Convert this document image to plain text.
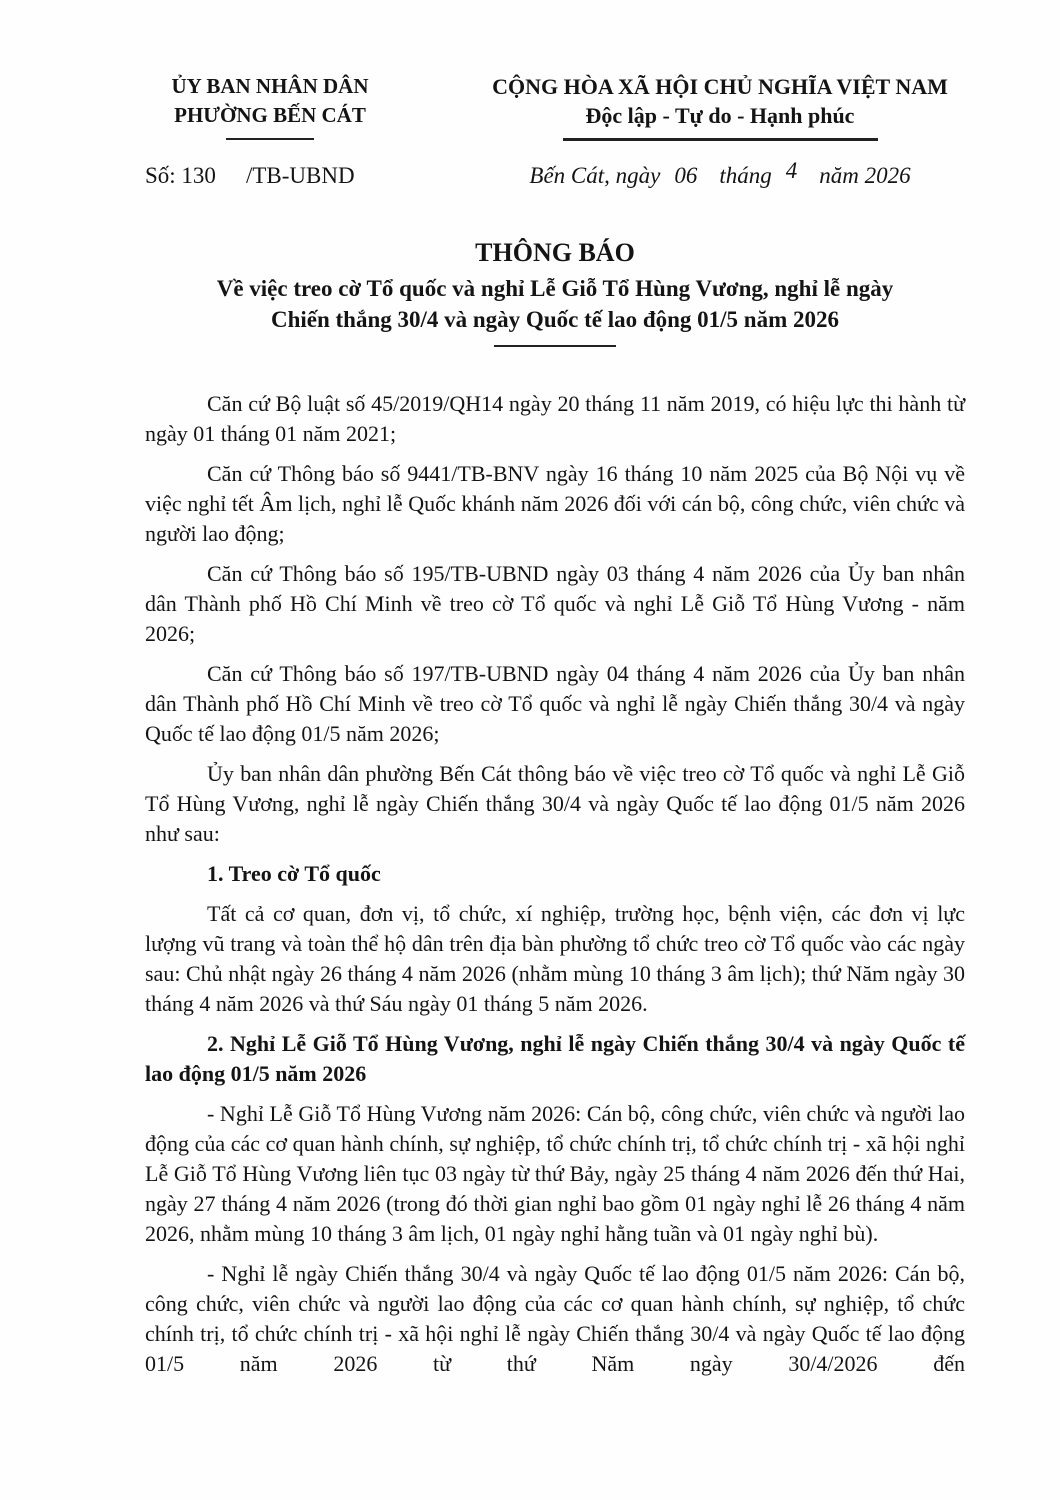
ỦY BAN NHÂN DÂN
PHƯỜNG BẾN CÁT
CỘNG HÒA XÃ HỘI CHỦ NGHĨA VIỆT NAM
Độc lập - Tự do - Hạnh phúc
Số: 130 /TB-UBND	Bến Cát, ngày 06 tháng 4 năm 2026
THÔNG BÁO
Về việc treo cờ Tổ quốc và nghỉ Lễ Giỗ Tổ Hùng Vương, nghỉ lễ ngày
Chiến thắng 30/4 và ngày Quốc tế lao động 01/5 năm 2026

Căn cứ Bộ luật số 45/2019/QH14 ngày 20 tháng 11 năm 2019, có hiệu lực thi hành từ ngày 01 tháng 01 năm 2021;

Căn cứ Thông báo số 9441/TB-BNV ngày 16 tháng 10 năm 2025 của Bộ Nội vụ về việc nghỉ tết Âm lịch, nghỉ lễ Quốc khánh năm 2026 đối với cán bộ, công chức, viên chức và người lao động;

Căn cứ Thông báo số 195/TB-UBND ngày 03 tháng 4 năm 2026 của Ủy ban nhân dân Thành phố Hồ Chí Minh về treo cờ Tổ quốc và nghỉ Lễ Giỗ Tổ Hùng Vương - năm 2026;

Căn cứ Thông báo số 197/TB-UBND ngày 04 tháng 4 năm 2026 của Ủy ban nhân dân Thành phố Hồ Chí Minh về treo cờ Tổ quốc và nghỉ lễ ngày Chiến thắng 30/4 và ngày Quốc tế lao động 01/5 năm 2026;

Ủy ban nhân dân phường Bến Cát thông báo về việc treo cờ Tổ quốc và nghỉ Lễ Giỗ Tổ Hùng Vương, nghỉ lễ ngày Chiến thắng 30/4 và ngày Quốc tế lao động 01/5 năm 2026 như sau:

1. Treo cờ Tổ quốc

Tất cả cơ quan, đơn vị, tổ chức, xí nghiệp, trường học, bệnh viện, các đơn vị lực lượng vũ trang và toàn thể hộ dân trên địa bàn phường tổ chức treo cờ Tổ quốc vào các ngày sau: Chủ nhật ngày 26 tháng 4 năm 2026 (nhằm mùng 10 tháng 3 âm lịch); thứ Năm ngày 30 tháng 4 năm 2026 và thứ Sáu ngày 01 tháng 5 năm 2026.

2. Nghỉ Lễ Giỗ Tổ Hùng Vương, nghỉ lễ ngày Chiến thắng 30/4 và ngày Quốc tế lao động 01/5 năm 2026

- Nghỉ Lễ Giỗ Tổ Hùng Vương năm 2026: Cán bộ, công chức, viên chức và người lao động của các cơ quan hành chính, sự nghiệp, tổ chức chính trị, tổ chức chính trị - xã hội nghỉ Lễ Giỗ Tổ Hùng Vương liên tục 03 ngày từ thứ Bảy, ngày 25 tháng 4 năm 2026 đến thứ Hai, ngày 27 tháng 4 năm 2026 (trong đó thời gian nghỉ bao gồm 01 ngày nghỉ lễ 26 tháng 4 năm 2026, nhằm mùng 10 tháng 3 âm lịch, 01 ngày nghỉ hằng tuần và 01 ngày nghỉ bù).

- Nghỉ lễ ngày Chiến thắng 30/4 và ngày Quốc tế lao động 01/5 năm 2026: Cán bộ, công chức, viên chức và người lao động của các cơ quan hành chính, sự nghiệp, tổ chức chính trị, tổ chức chính trị - xã hội nghỉ lễ ngày Chiến thắng 30/4 và ngày Quốc tế lao động 01/5 năm 2026 từ thứ Năm ngày 30/4/2026 đến
